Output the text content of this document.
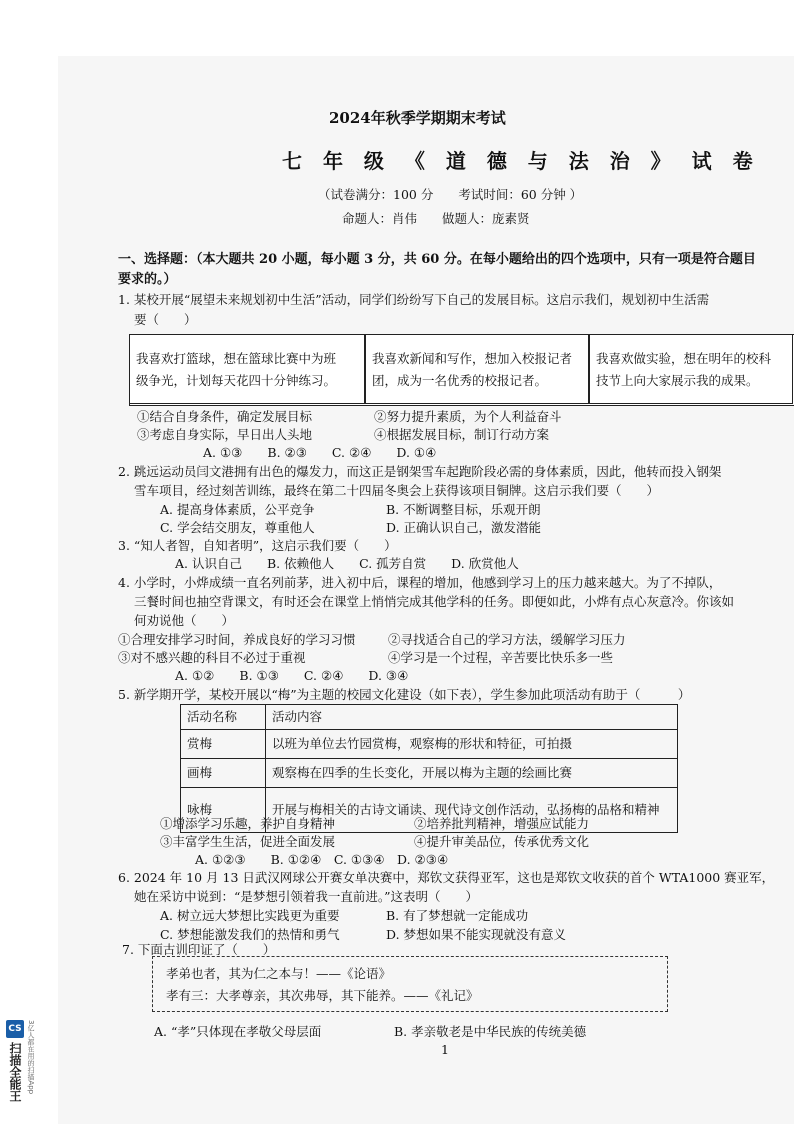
2024年秋季学期期末考试
七 年 级 《 道 德 与 法 治 》 试 卷
（试卷满分：100 分　　考试时间：60 分钟 ）
命题人：肖伟　　做题人：庞素贤
一、选择题：（本大题共 20 小题，每小题 3 分，共 60 分。在每小题给出的四个选项中，只有一项是符合题目
要求的。）
1. 某校开展“展望未来规划初中生活”活动，同学们纷纷写下自己的发展目标。这启示我们，规划初中生活需
要（　　）
我喜欢打篮球，想在篮球比赛中为班
级争光，计划每天花四十分钟练习。
我喜欢新闻和写作，想加入校报记者
团，成为一名优秀的校报记者。
我喜欢做实验，想在明年的校科
技节上向大家展示我的成果。
①结合自身条件，确定发展目标	②努力提升素质，为个人利益奋斗
③考虑自身实际，早日出人头地	④根据发展目标，制订行动方案
A. ①③　　B. ②③　　C. ②④　　D. ①④
2. 跳远运动员闫文港拥有出色的爆发力，而这正是钢架雪车起跑阶段必需的身体素质，因此，他转而投入钢架
雪车项目，经过刻苦训练，最终在第二十四届冬奥会上获得该项目铜牌。这启示我们要（　　）
A. 提高身体素质，公平竞争	B. 不断调整目标，乐观开朗
C. 学会结交朋友，尊重他人	D. 正确认识自己，激发潜能
3. “知人者智，自知者明”，这启示我们要（　　）
A. 认识自己　　B. 依赖他人　　C. 孤芳自赏　　D. 欣赏他人
4. 小学时，小烨成绩一直名列前茅，进入初中后，课程的增加，他感到学习上的压力越来越大。为了不掉队，
三餐时间也抽空背课文，有时还会在课堂上悄悄完成其他学科的任务。即便如此，小烨有点心灰意冷。你该如
何劝说他（　　）
①合理安排学习时间，养成良好的学习习惯	②寻找适合自己的学习方法，缓解学习压力
③对不感兴趣的科目不必过于重视	④学习是一个过程，辛苦要比快乐多一些
A. ①②　　B. ①③　　C. ②④　　D. ③④
5. 新学期开学，某校开展以“梅”为主题的校园文化建设（如下表），学生参加此项活动有助于（　　　）
活动名称	活动内容
赏梅	以班为单位去竹园赏梅，观察梅的形状和特征，可拍摄
画梅	观察梅在四季的生长变化，开展以梅为主题的绘画比赛
咏梅	开展与梅相关的古诗文诵读、现代诗文创作活动，弘扬梅的品格和精神
①增添学习乐趣，养护自身精神	②培养批判精神，增强应试能力
③丰富学生生活，促进全面发展	④提升审美品位，传承优秀文化
A. ①②③　　B. ①②④　C. ①③④　D. ②③④
6. 2024 年 10 月 13 日武汉网球公开赛女单决赛中，郑钦文获得亚军，这也是郑钦文收获的首个 WTA1000 赛亚军，
她在采访中说到：“是梦想引领着我一直前进。”这表明（　　）
A. 树立远大梦想比实践更为重要	B. 有了梦想就一定能成功
C. 梦想能激发我们的热情和勇气	D. 梦想如果不能实现就没有意义
7. 下面古训印证了（　　）
孝弟也者，其为仁之本与！——《论语》
孝有三：大孝尊亲，其次弗辱，其下能养。——《礼记》
A. “孝”只体现在孝敬父母层面	B. 孝亲敬老是中华民族的传统美德
1
CS
扫描全能王 3亿人都在用的扫描App
